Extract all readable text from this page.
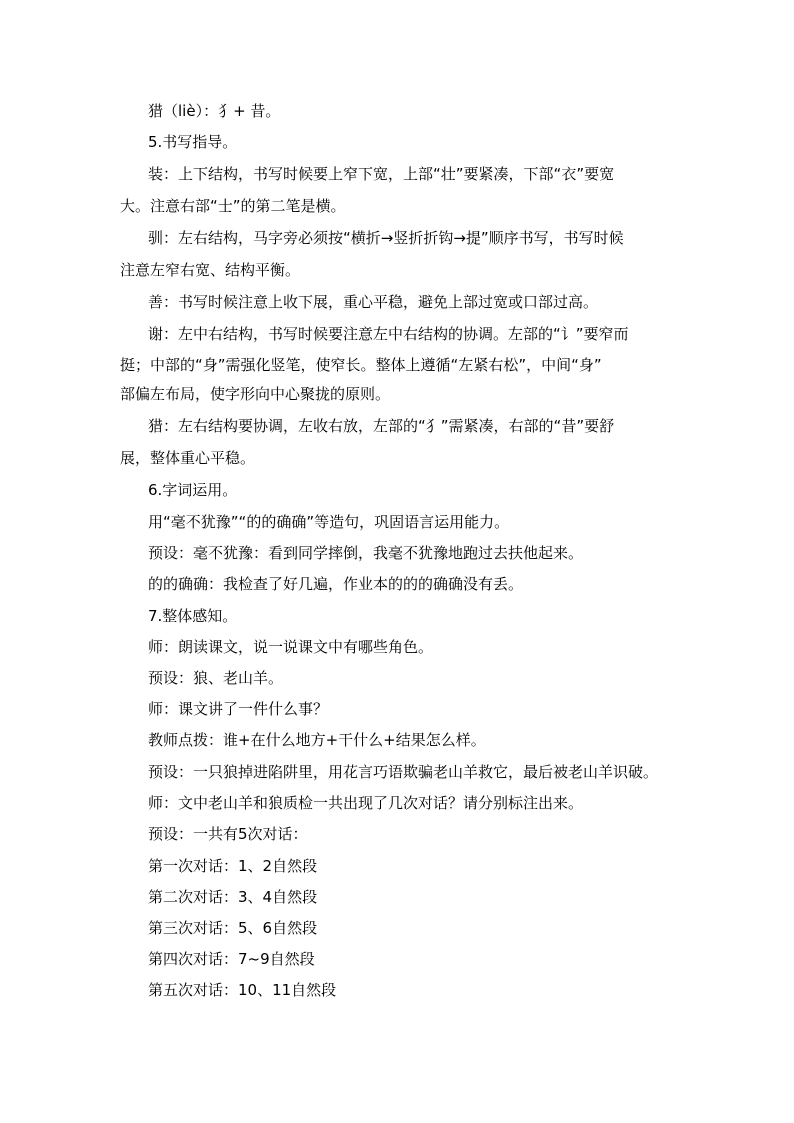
猎（liè）：犭+ 昔。
5.书写指导。
装：上下结构，书写时候要上窄下宽，上部“壮”要紧凑，下部“衣”要宽
大。注意右部“士”的第二笔是横。
驯：左右结构，马字旁必须按“横折→竖折折钩→提”顺序书写，书写时候
注意左窄右宽、结构平衡。
善：书写时候注意上收下展，重心平稳，避免上部过宽或口部过高。
谢：左中右结构，书写时候要注意左中右结构的协调。左部的“讠”要窄而
挺；中部的“身”需强化竖笔，使窄长。整体上遵循“左紧右松”，中间“身”
部偏左布局，使字形向中心聚拢的原则。
猎：左右结构要协调，左收右放，左部的“犭”需紧凑，右部的“昔”要舒
展，整体重心平稳。
6.字词运用。
用“毫不犹豫”“的的确确”等造句，巩固语言运用能力。
预设：毫不犹豫：看到同学摔倒，我毫不犹豫地跑过去扶他起来。
的的确确：我检查了好几遍，作业本的的的确确没有丢。
7.整体感知。
师：朗读课文，说一说课文中有哪些角色。
预设：狼、老山羊。
师：课文讲了一件什么事？
教师点拨：谁+在什么地方+干什么+结果怎么样。
预设：一只狼掉进陷阱里，用花言巧语欺骗老山羊救它，最后被老山羊识破。
师：文中老山羊和狼质检一共出现了几次对话？请分别标注出来。
预设：一共有5次对话：
第一次对话：1、2自然段
第二次对话：3、4自然段
第三次对话：5、6自然段
第四次对话：7~9自然段
第五次对话：10、11自然段
